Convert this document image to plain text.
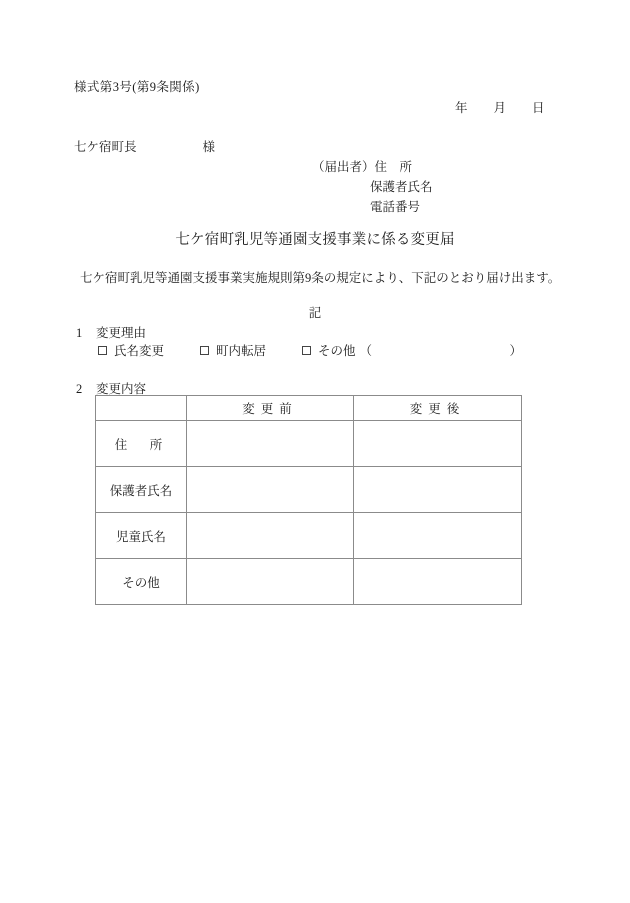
様式第3号(第9条関係)
年 月 日
七ケ宿町長	様
（届出者）住　所
保護者氏名
電話番号
七ケ宿町乳児等通園支援事業に係る変更届
七ケ宿町乳児等通園支援事業実施規則第9条の規定により、下記のとおり届け出ます。
記
1 変更理由
氏名変更	町内転居	その他 （	）
2 変更内容
	変更前	変更後
住　所		
保護者氏名		
児童氏名		
その他		
